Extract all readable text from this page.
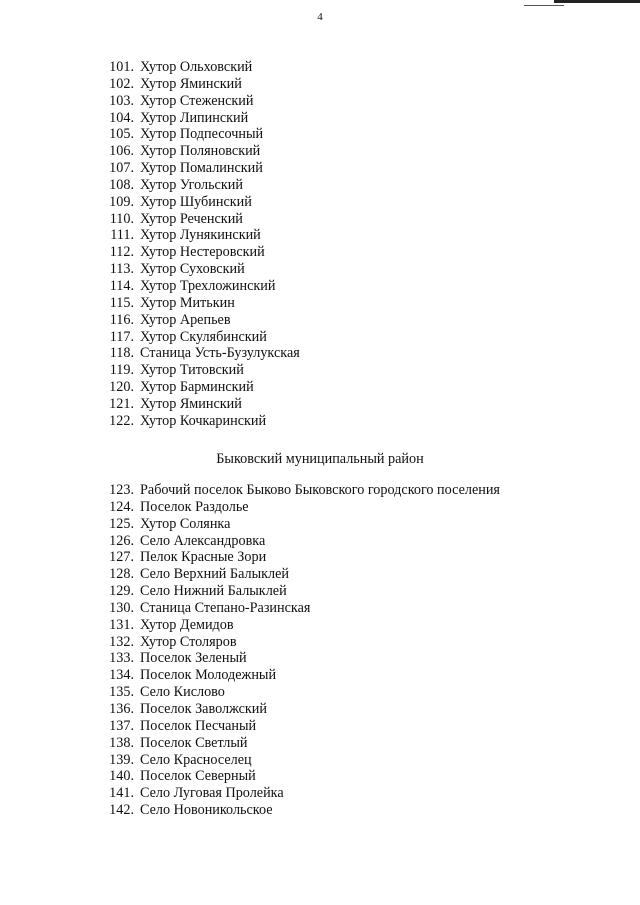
4
101. Хутор Ольховский
102. Хутор Яминский
103. Хутор Стеженский
104. Хутор Липинский
105. Хутор Подпесочный
106. Хутор Поляновский
107. Хутор Помалинский
108. Хутор Угольский
109. Хутор Шубинский
110. Хутор Реченский
111. Хутор Лунякинский
112. Хутор Нестеровский
113. Хутор Суховский
114. Хутор Трехложинский
115. Хутор Митькин
116. Хутор Арепьев
117. Хутор Скулябинский
118. Станица Усть-Бузулукская
119. Хутор Титовский
120. Хутор Барминский
121. Хутор Яминский
122. Хутор Кочкаринский
Быковский муниципальный район
123. Рабочий поселок Быково Быковского городского поселения
124. Поселок Раздолье
125. Хутор Солянка
126. Село Александровка
127. Пелок Красные Зори
128. Село Верхний Балыклей
129. Село Нижний Балыклей
130. Станица Степано-Разинская
131. Хутор Демидов
132. Хутор Столяров
133. Поселок Зеленый
134. Поселок Молодежный
135. Село Кислово
136. Поселок Заволжский
137. Поселок Песчаный
138. Поселок Светлый
139. Село Красноселец
140. Поселок Северный
141. Село Луговая Пролейка
142. Село Новоникольское
